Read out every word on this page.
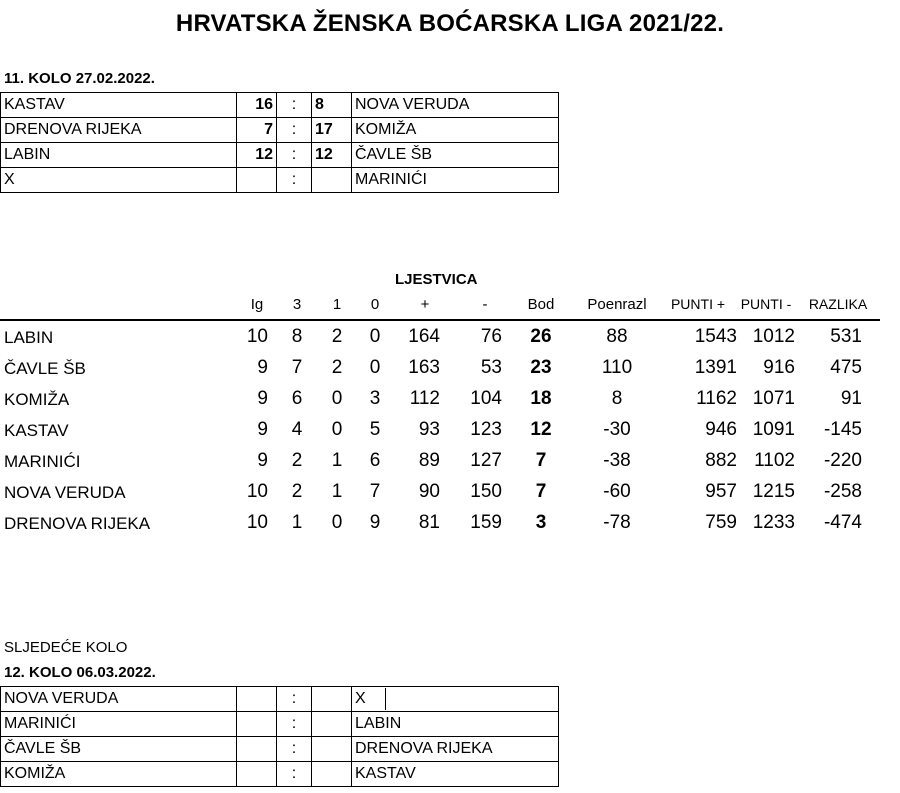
HRVATSKA ŽENSKA BOĆARSKA LIGA 2021/22.
11. KOLO 27.02.2022.
KASTAV	16	:	8	NOVA VERUDA
DRENOVA RIJEKA	7	:	17	KOMIŽA
LABIN	12	:	12	ČAVLE ŠB
X		:		MARINIĆI
LJESTVICA
Ig 3 1 0	+	-	Bod Poenrazl PUNTI + PUNTI - RAZLIKA
LABIN	10 8 2 0 164 76 26	88	1543 1012 531
ČAVLE ŠB	9 7 2 0 163 53 23	110	1391 916 475
KOMIŽA	9 6 0 3 112 104 18	8	1162 1071 91
KASTAV	9 4 0 5 93 123 12	-30	946 1091 -145
MARINIĆI	9 2 1 6 89 127 7	-38	882 1102 -220
NOVA VERUDA	10 2 1 7 90 150 7	-60	957 1215 -258
DRENOVA RIJEKA	10 1 0 9 81 159 3	-78	759 1233 -474
SLJEDEĆE KOLO
12. KOLO 06.03.2022.
NOVA VERUDA		:		X
MARINIĆI		:		LABIN
ČAVLE ŠB		:		DRENOVA RIJEKA
KOMIŽA		:		KASTAV
